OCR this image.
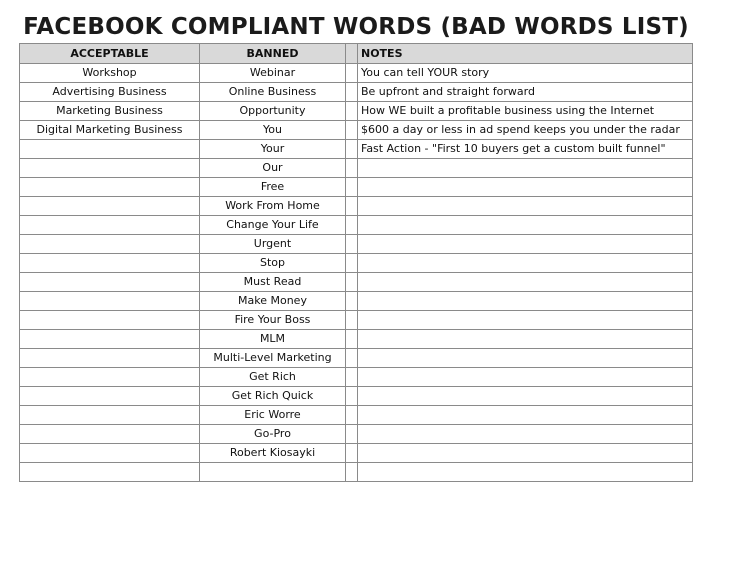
FACEBOOK COMPLIANT WORDS (BAD WORDS LIST)
ACCEPTABLE	BANNED		NOTES
Workshop	Webinar		You can tell YOUR story
Advertising Business	Online Business		Be upfront and straight forward
Marketing Business	Opportunity		How WE built a profitable business using the Internet
Digital Marketing Business	You		$600 a day or less in ad spend keeps you under the radar
	Your		Fast Action - "First 10 buyers get a custom built funnel"
	Our		
	Free		
	Work From Home		
	Change Your Life		
	Urgent		
	Stop		
	Must Read		
	Make Money		
	Fire Your Boss		
	MLM		
	Multi-Level Marketing		
	Get Rich		
	Get Rich Quick		
	Eric Worre		
	Go-Pro		
	Robert Kiosayki		
